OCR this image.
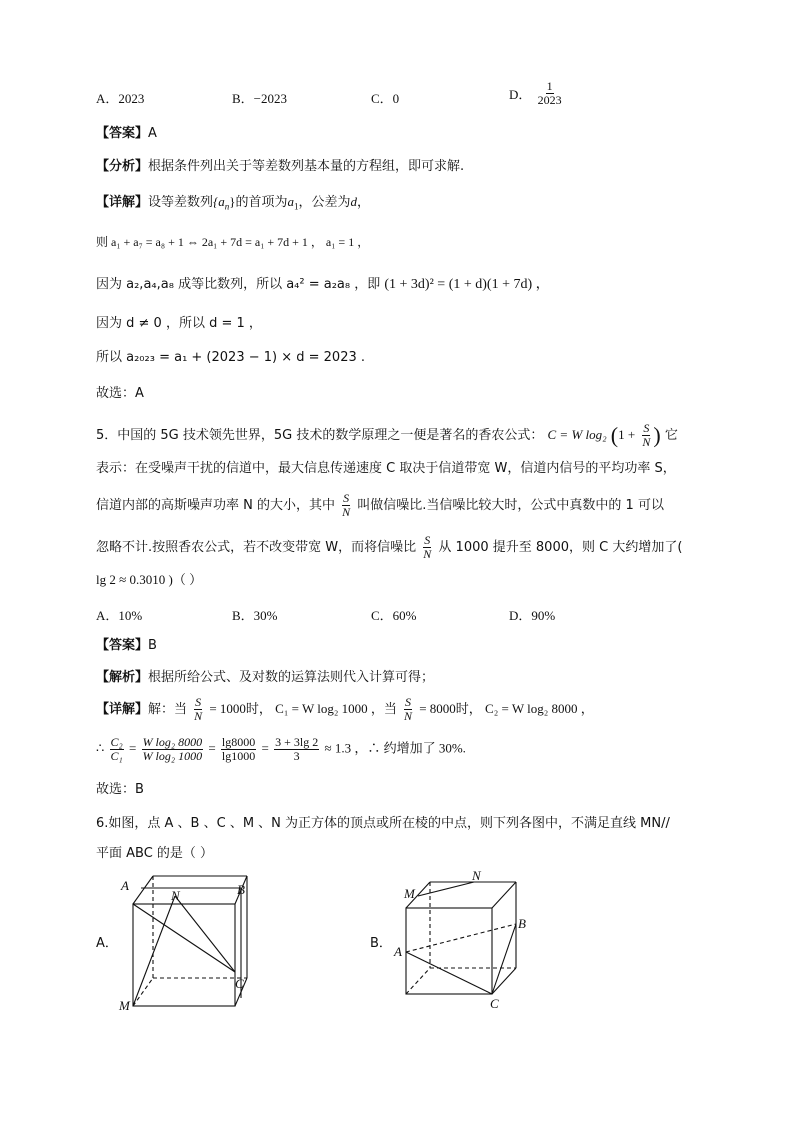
A．2023	B．−2023	C．0	D． $\frac{1}{2023}$
【答案】A
【分析】根据条件列出关于等差数列基本量的方程组，即可求解.
【详解】设等差数列$\{a_n\}$的首项为$a_1$，公差为d，
则 a₁ + a₇ = a₈ + 1 ⇔ 2a₁ + 7d = a₁ + 7d + 1 ， a₁ = 1 ，
因为 a₂,a₄,a₈ 成等比数列，所以 a₄² = a₂a₈ ，即 (1 + 3d)² = (1 + d)(1 + 7d) ，
因为 d ≠ 0 ，所以 d = 1 ，
所以 a₂₀₂₃ = a₁ + (2023 − 1) × d = 2023 .
故选：A
5．中国的 5G 技术领先世界，5G 技术的数学原理之一便是著名的香农公式： C = W log₂ ($1 + \frac{S}{N}$ ) 它
表示：在受噪声干扰的信道中，最大信息传递速度 C 取决于信道带宽 W，信道内信号的平均功率 S，
信道内部的高斯噪声功率 N 的大小，其中 $\frac{S}{N}$ 叫做信噪比.当信噪比较大时，公式中真数中的 1 可以
忽略不计.按照香农公式，若不改变带宽 W，而将信噪比 $\frac{S}{N}$ 从 1000 提升至 8000，则 C 大约增加了(
lg 2 ≈ 0.3010 )（ ）
A．10%	B．30%	C．60%	D．90%
【答案】B
【解析】根据所给公式、及对数的运算法则代入计算可得；
【详解】解：当 $\frac{S}{N} = 1000$时， C₁ = W log₂ 1000 ，当 $\frac{S}{N} = 8000$时， C₂ = W log₂ 8000 ，
∴ $\frac{\text{C₂}}{\text{C₁}} = \frac{\text{W log₂ 8000}}{\text{W log₂ 1000}} = \frac{\lg 8000}{\lg 1000} = \frac{3 + 3\lg 2}{3} \approx 1.3$ ，∴ 约增加了 30%.
故选：B
6.如图，点 A 、B 、C 、M 、N 为正方体的顶点或所在棱的中点，则下列各图中，不满足直线 MN//
平面 ABC 的是（ ）
A．
A
N	B
C
M
B．
M
N
B
A
C
